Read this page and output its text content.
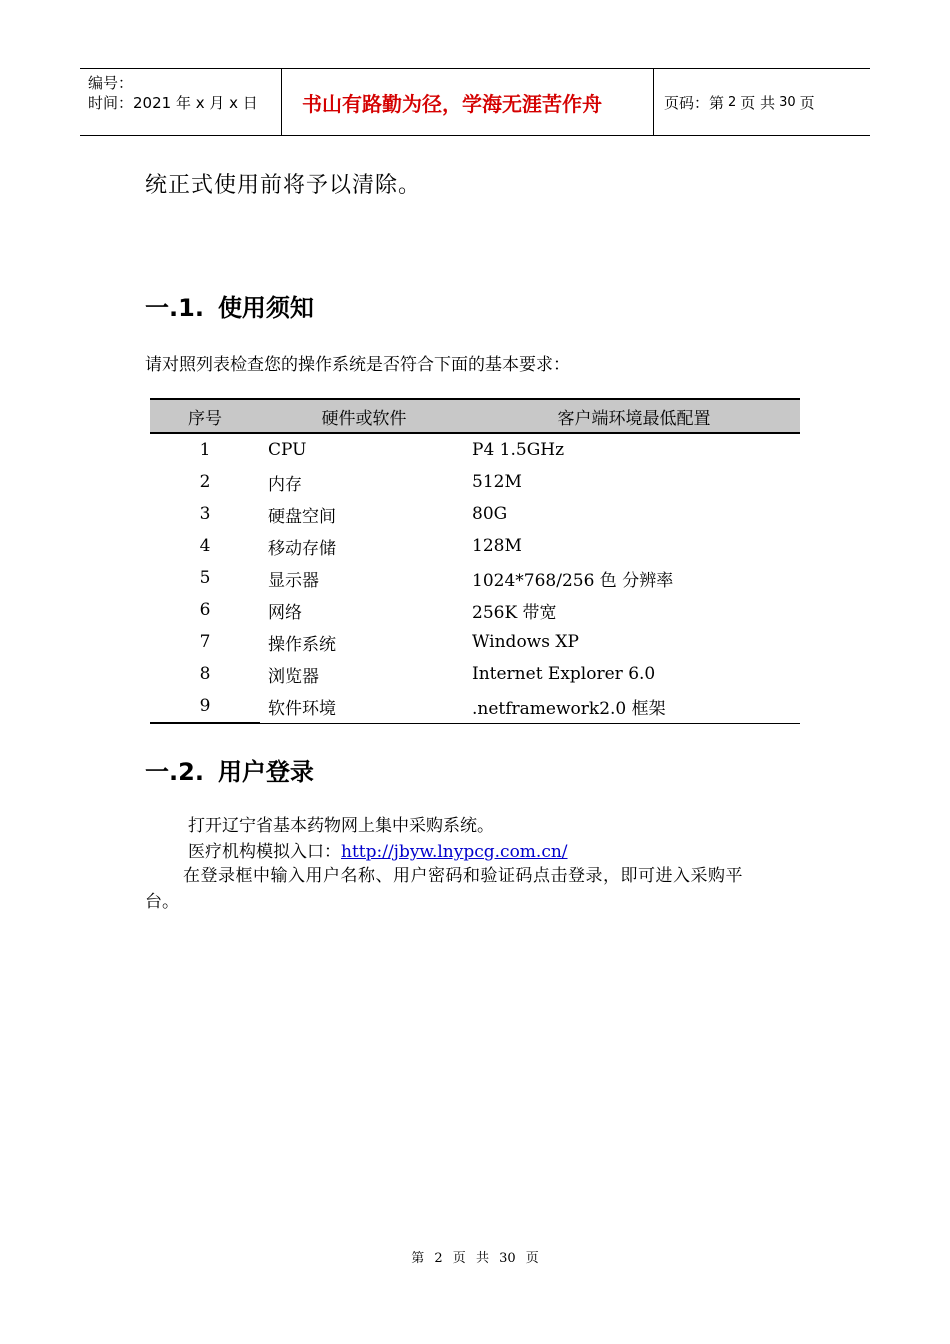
编号：
时间：2021 年 x 月 x 日	书山有路勤为径，学海无涯苦作舟	页码：第 2 页 共 30 页
统正式使用前将予以清除。
一.1. 使用须知
请对照列表检查您的操作系统是否符合下面的基本要求：
序号	硬件或软件	客户端环境最低配置
1	CPU	P4 1.5GHz
2	内存	512M
3	硬盘空间	80G
4	移动存储	128M
5	显示器	1024*768/256 色 分辨率
6	网络	256K 带宽
7	操作系统	Windows XP
8	浏览器	Internet Explorer 6.0
9	软件环境	.netframework2.0 框架
一.2. 用户登录
打开辽宁省基本药物网上集中采购系统。
医疗机构模拟入口：http://jbyw.lnypcg.com.cn/
在登录框中输入用户名称、用户密码和验证码点击登录，即可进入采购平
台。
第 2 页 共 30 页
